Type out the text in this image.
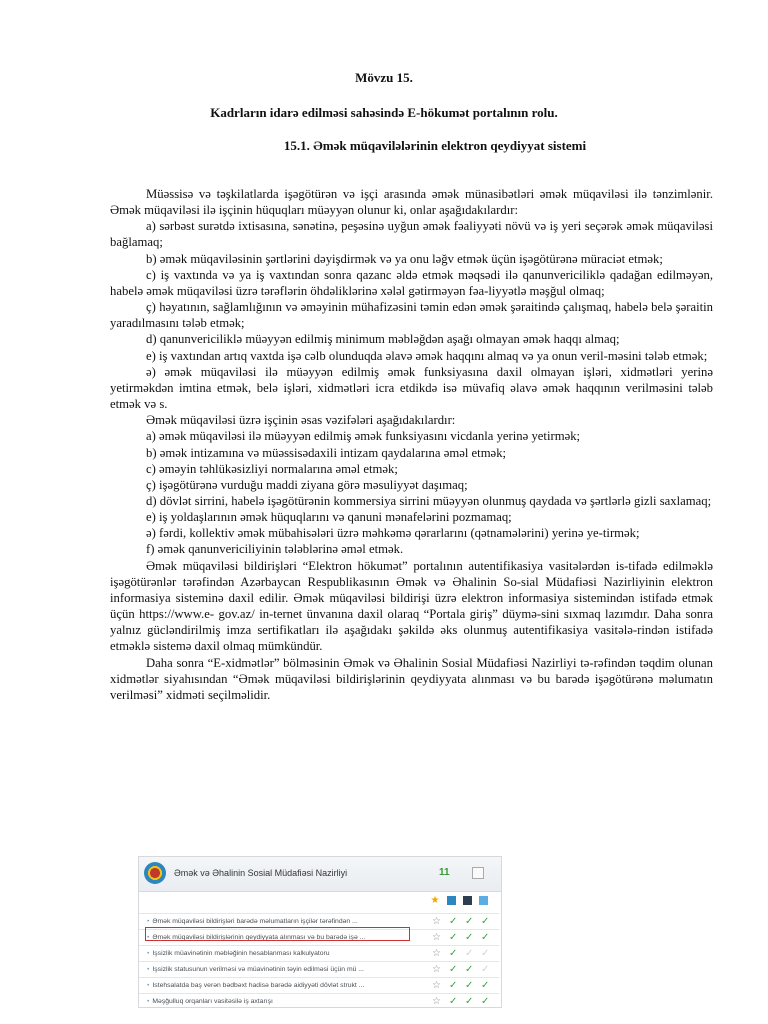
Mövzu 15.
Kadrların idarə edilməsi sahəsində E-hökumət portalının rolu.
15.1. Əmək müqavilələrinin elektron qeydiyyat sistemi

Müəssisə və təşkilatlarda işəgötürən və işçi arasında əmək münasibətləri əmək müqaviləsi ilə tənzimlənir. Əmək müqaviləsi ilə işçinin hüquqları müəyyən olunur ki, onlar aşağıdakılardır:

a) sərbəst surətdə ixtisasına, sənətinə, peşəsinə uyğun əmək fəaliyyəti növü və iş yeri seçərək əmək müqaviləsi bağlamaq;

b) əmək müqaviləsinin şərtlərini dəyişdirmək və ya onu ləğv etmək üçün işəgötürənə müraciət etmək;

c) iş vaxtında və ya iş vaxtından sonra qazanc əldə etmək məqsədi ilə qanunvericiliklə qadağan edilməyən, habelə əmək müqaviləsi üzrə tərəflərin öhdəliklərinə xələl gətirməyən fəa-liyyətlə məşğul olmaq;

ç) həyatının, sağlamlığının və əməyinin mühafizəsini təmin edən əmək şəraitində çalışmaq, habelə belə şəraitin yaradılmasını tələb etmək;

d) qanunvericiliklə müəyyən edilmiş minimum məbləğdən aşağı olmayan əmək haqqı almaq;

e) iş vaxtından artıq vaxtda işə cəlb olunduqda əlavə əmək haqqını almaq və ya onun veril-məsini tələb etmək;

ə) əmək müqaviləsi ilə müəyyən edilmiş əmək funksiyasına daxil olmayan işləri, xidmətləri yerinə yetirməkdən imtina etmək, belə işləri, xidmətləri icra etdikdə isə müvafiq əlavə əmək haqqının verilməsini tələb etmək və s.

Əmək müqaviləsi üzrə işçinin əsas vəzifələri aşağıdakılardır:

a) əmək müqaviləsi ilə müəyyən edilmiş əmək funksiyasını vicdanla yerinə yetirmək;

b) əmək intizamına və müəssisədaxili intizam qaydalarına əməl etmək;

c) əməyin təhlükəsizliyi normalarına əməl etmək;

ç) işəgötürənə vurduğu maddi ziyana görə məsuliyyət daşımaq;

d) dövlət sirrini, habelə işəgötürənin kommersiya sirrini müəyyən olunmuş qaydada və şərtlərlə gizli saxlamaq;

e) iş yoldaşlarının əmək hüquqlarını və qanuni mənafelərini pozmamaq;

ə) fərdi, kollektiv əmək mübahisələri üzrə məhkəmə qərarlarını (qətnamələrini) yerinə ye-tirmək;

f) əmək qanunvericiliyinin tələblərinə əməl etmək.

Əmək müqaviləsi bildirişləri “Elektron hökumət” portalının autentifikasiya vasitələrdən is-tifadə edilməklə işəgötürənlər tərəfindən Azərbaycan Respublikasının Əmək və Əhalinin So-sial Müdafiəsi Nazirliyinin elektron informasiya sisteminə daxil edilir. Əmək müqaviləsi bildirişi üzrə elektron informasiya sistemindən istifadə etmək üçün https://www.e- gov.az/ in-ternet ünvanına daxil olaraq “Portala giriş” düymə-sini sıxmaq lazımdır. Daha sonra yalnız gücləndirilmiş imza sertifikatları ilə aşağıdakı şəkildə əks olunmuş autentifikasiya vasitələ-rindən istifadə etməklə sistemə daxil olmaq mümkündür.

Daha sonra “E-xidmətlər” bölməsinin Əmək və Əhalinin Sosial Müdafiəsi Nazirliyi tə-rəfindən təqdim olunan xidmətlər siyahısından “Əmək müqaviləsi bildirişlərinin qeydiyyata alınması və bu barədə işəgötürənə məlumatın verilməsi” xidməti seçilməlidir.

Əmək və Əhalinin Sosial Müdafiəsi Nazirliyi	11
★
• Əmək müqaviləsi bildirişləri barədə məlumatların işçilər tərəfindən ...	☆ ✓ ✓ ✓
• Əmək müqaviləsi bildirişlərinin qeydiyyata alınması və bu barədə işə ...	☆ ✓ ✓ ✓
• İşsizlik müavinətinin məbləğinin hesablanması kalkulyatoru	☆ ✓ ✓ ✓
• İşsizlik statusunun verilməsi və müavinətinin təyin edilməsi üçün mü ...	☆ ✓ ✓ ✓
• İstehsalatda baş verən bədbəxt hadisə barədə aidiyyəti dövlət strukt ...	☆ ✓ ✓ ✓
• Məşğulluq orqanları vasitəsilə iş axtarışı	☆ ✓ ✓ ✓
